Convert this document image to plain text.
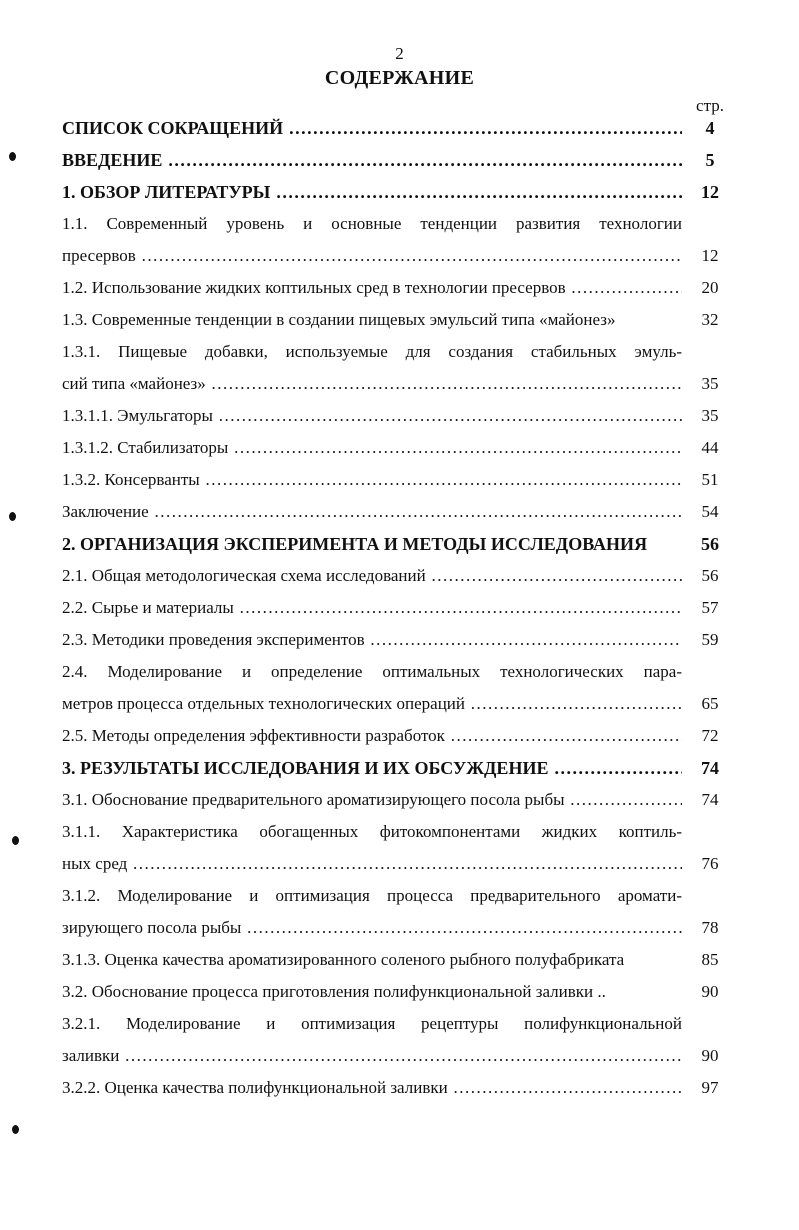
2
СОДЕРЖАНИЕ
стр.
СПИСОК СОКРАЩЕНИЙ .....	4
ВВЕДЕНИЕ .....	5
1. ОБЗОР ЛИТЕРАТУРЫ .....	12
1.1. Современный уровень и основные тенденции развития технологии
пресервов .....	12
1.2. Использование жидких коптильных сред в технологии пресервов .....	20
1.3. Современные тенденции в создании пищевых эмульсий типа «майонез»	32
1.3.1. Пищевые добавки, используемые для создания стабильных эмуль-
сий типа «майонез» .....	35
1.3.1.1. Эмульгаторы .....	35
1.3.1.2. Стабилизаторы .....	44
1.3.2. Консерванты .....	51
Заключение .....	54
2. ОРГАНИЗАЦИЯ ЭКСПЕРИМЕНТА И МЕТОДЫ ИССЛЕДОВАНИЯ	56
2.1. Общая методологическая схема исследований .....	56
2.2. Сырье и материалы .....	57
2.3. Методики проведения экспериментов .....	59
2.4. Моделирование и определение оптимальных технологических пара-
метров процесса отдельных технологических операций .....	65
2.5. Методы определения эффективности разработок .....	72
3. РЕЗУЛЬТАТЫ ИССЛЕДОВАНИЯ И ИХ ОБСУЖДЕНИЕ .....	74
3.1. Обоснование предварительного ароматизирующего посола рыбы .....	74
3.1.1. Характеристика обогащенных фитокомпонентами жидких коптиль-
ных сред .....	76
3.1.2. Моделирование и оптимизация процесса предварительного аромати-
зирующего посола рыбы .....	78
3.1.3. Оценка качества ароматизированного соленого рыбного полуфабриката	85
3.2. Обоснование процесса приготовления полифункциональной заливки ..	90
3.2.1. Моделирование и оптимизация рецептуры полифункциональной
заливки .....	90
3.2.2. Оценка качества полифункциональной заливки .....	97
